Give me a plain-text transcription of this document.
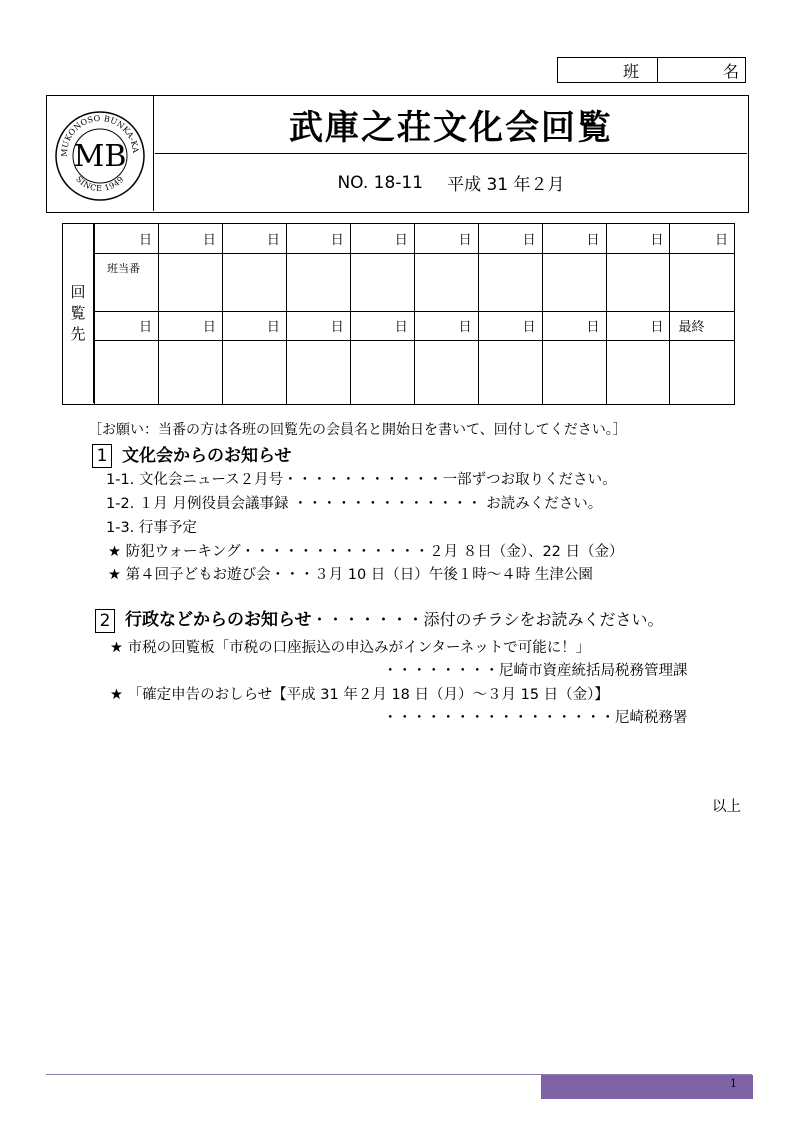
班	名
MUKONOSO BUNKA-KA
SINCE 1949
MB
武庫之荘文化会回覧
NO. 18-11 平成 31 年２月
回
覧
先
日	日	日	日	日	日	日	日	日	日

班当番									

日	日	日	日	日	日	日	日	日	最終

［お願い：当番の方は各班の回覧先の会員名と開始日を書いて、回付してください。］
1 文化会からのお知らせ
1-1. 文化会ニュース２月号・・・・・・・・・・・一部ずつお取りください。
1-2. １月 月例役員会議事録 ・・・・・・・・・・・・・ お読みください。
1-3. 行事予定
★ 防犯ウォーキング・・・・・・・・・・・・・２月 ８日（金）、22 日（金）
★ 第４回子どもお遊び会・・・３月 10 日（日）午後１時～４時 生津公園
2 行政などからのお知らせ・・・・・・・添付のチラシをお読みください。
★ 市税の回覧板「市税の口座振込の申込みがインターネットで可能に！」
・・・・・・・・尼崎市資産統括局税務管理課
★ 「確定申告のおしらせ【平成 31 年２月 18 日（月）～３月 15 日（金）】
・・・・・・・・・・・・・・・・尼崎税務署
以上
1
